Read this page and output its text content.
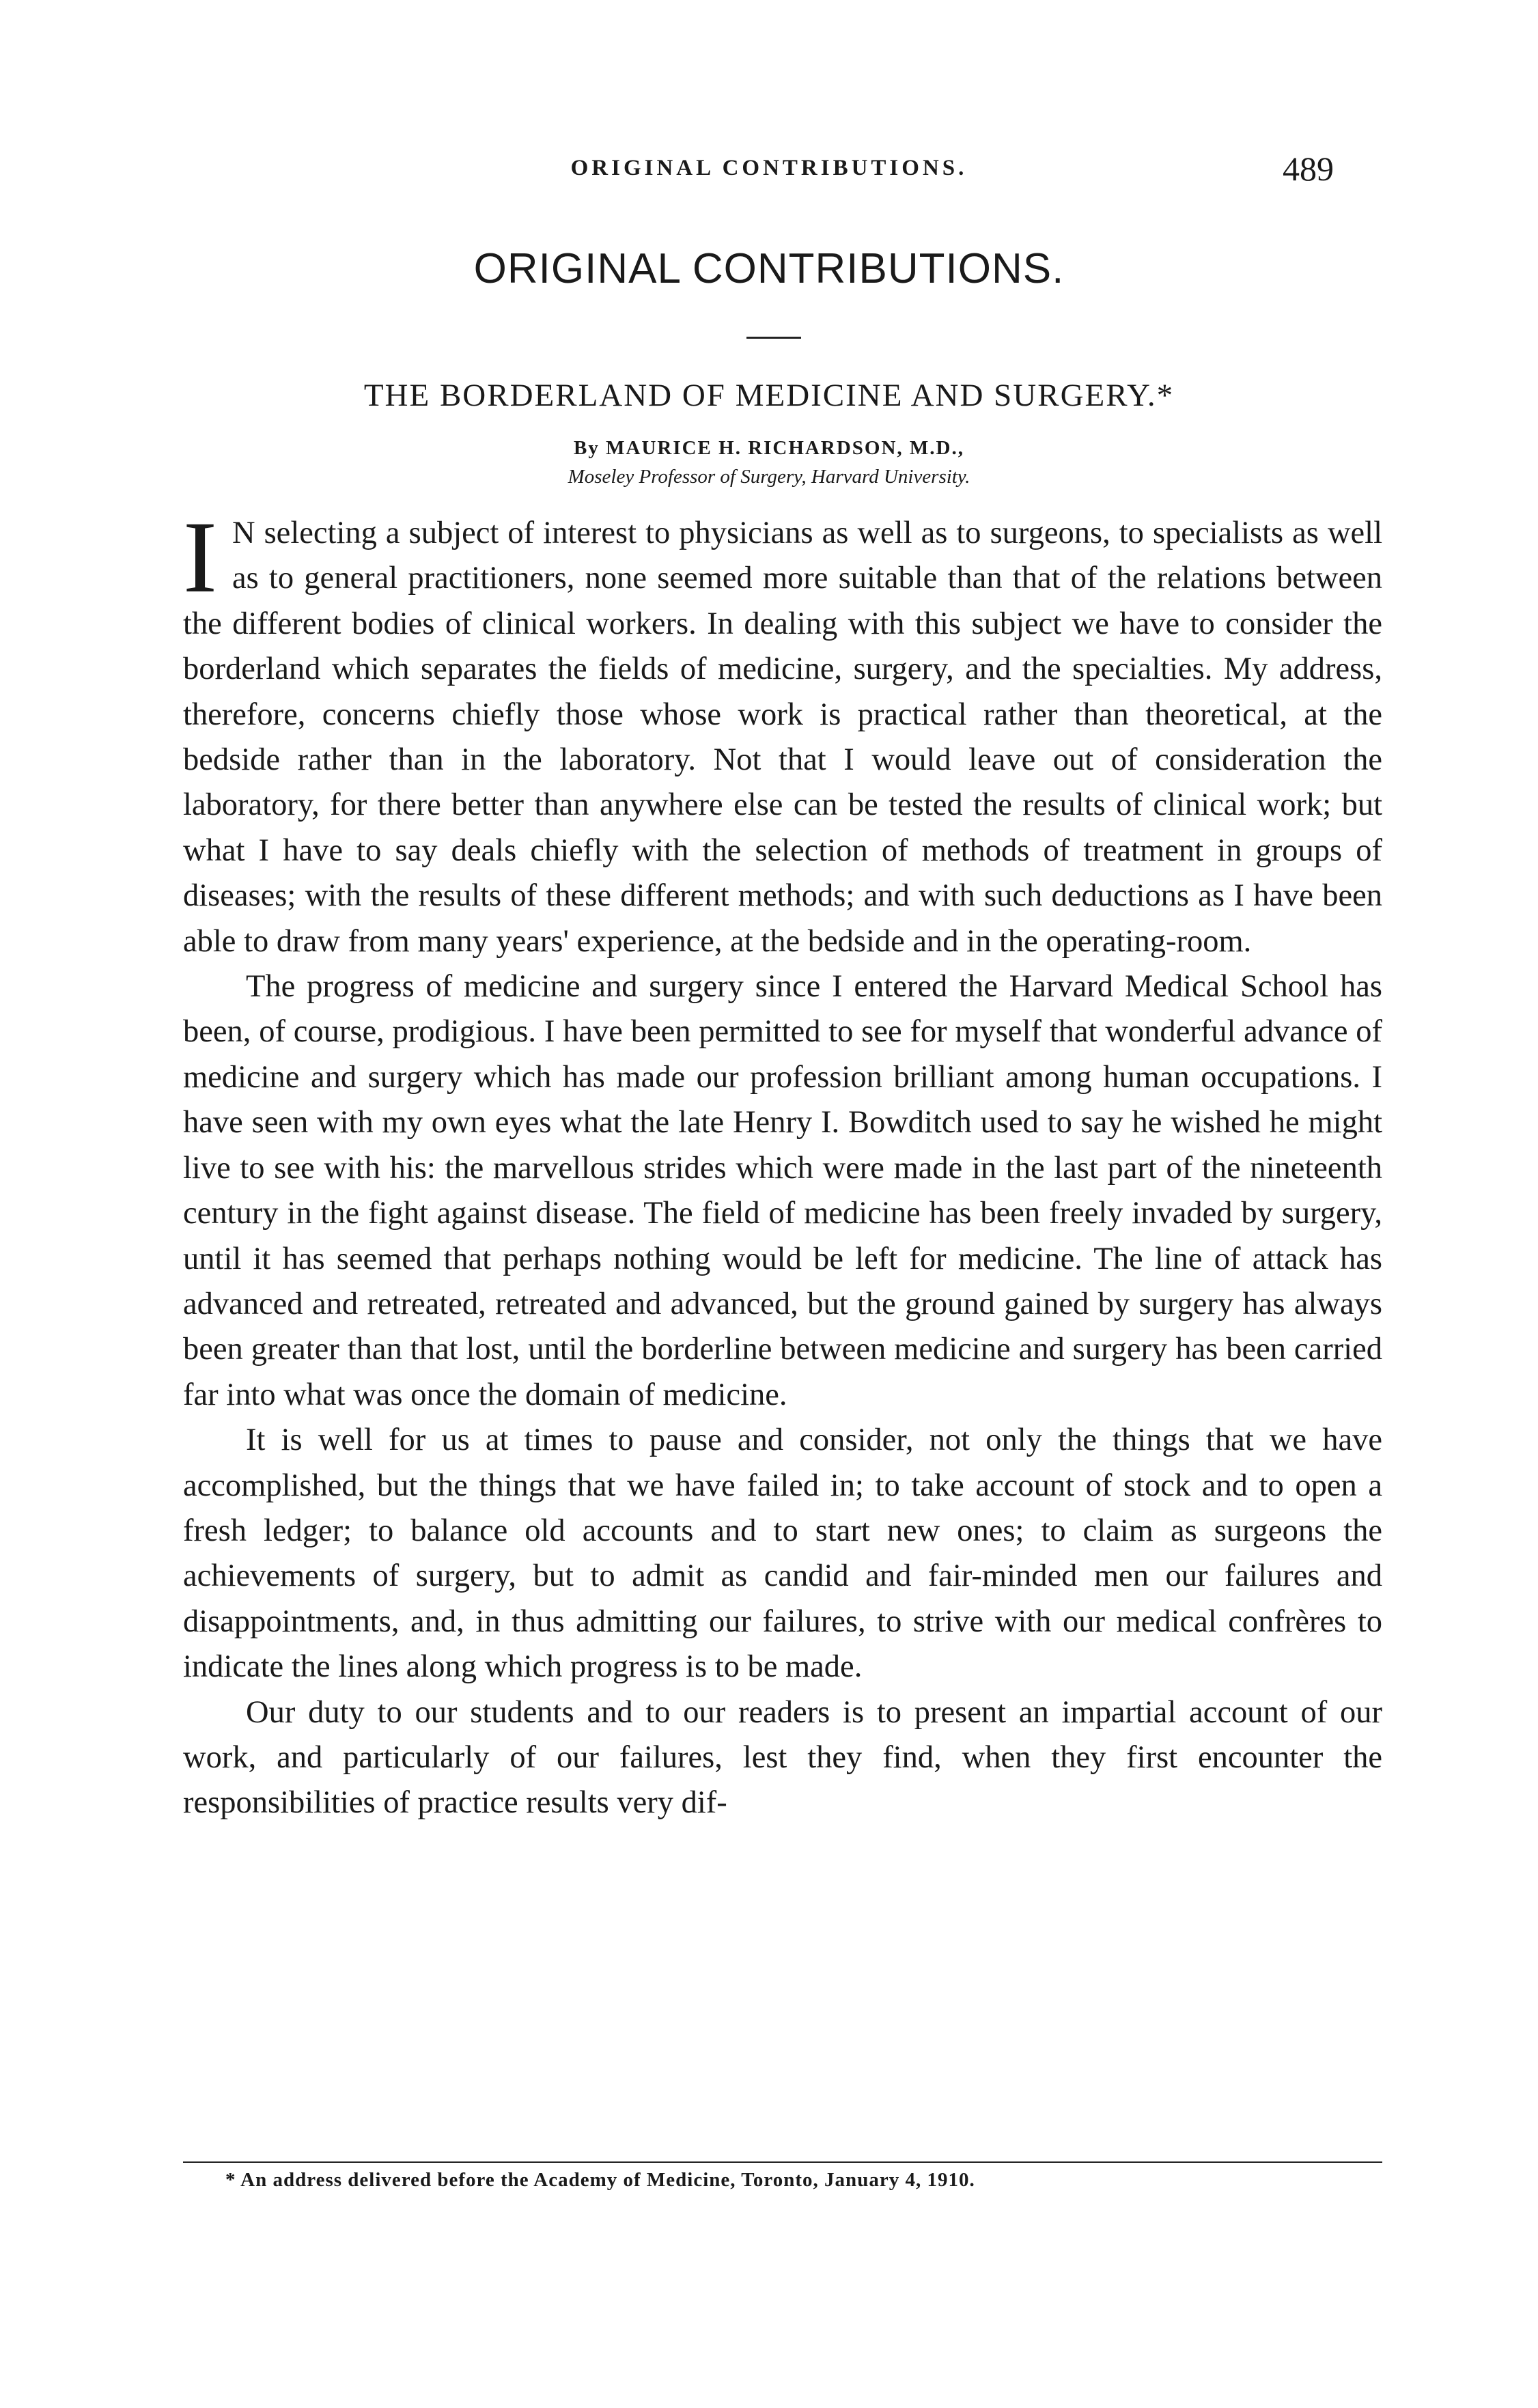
ORIGINAL CONTRIBUTIONS.	489
ORIGINAL CONTRIBUTIONS.
THE BORDERLAND OF MEDICINE AND SURGERY.*
By MAURICE H. RICHARDSON, M.D.,
Moseley Professor of Surgery, Harvard University.

I N selecting a subject of interest to physicians as well as to surgeons, to specialists as well as to general practitioners, none seemed more suitable than that of the relations between the different bodies of clinical workers. In dealing with this subject we have to consider the borderland which separates the fields of medicine, surgery, and the specialties. My address, therefore, concerns chiefly those whose work is practical rather than theoretical, at the bedside rather than in the laboratory. Not that I would leave out of consideration the laboratory, for there better than anywhere else can be tested the results of clinical work; but what I have to say deals chiefly with the selection of methods of treatment in groups of diseases; with the results of these different methods; and with such deductions as I have been able to draw from many years' experience, at the bedside and in the operating-room.

The progress of medicine and surgery since I entered the Harvard Medical School has been, of course, prodigious. I have been permitted to see for myself that wonderful advance of medicine and surgery which has made our profession brilliant among human occupations. I have seen with my own eyes what the late Henry I. Bowditch used to say he wished he might live to see with his: the marvellous strides which were made in the last part of the nineteenth century in the fight against disease. The field of medicine has been freely invaded by surgery, until it has seemed that perhaps nothing would be left for medicine. The line of attack has advanced and retreated, retreated and advanced, but the ground gained by surgery has always been greater than that lost, until the borderline between medicine and surgery has been carried far into what was once the domain of medicine.

It is well for us at times to pause and consider, not only the things that we have accomplished, but the things that we have failed in; to take account of stock and to open a fresh ledger; to balance old accounts and to start new ones; to claim as surgeons the achievements of surgery, but to admit as candid and fair-minded men our failures and disappointments, and, in thus admitting our failures, to strive with our medical confrères to indicate the lines along which progress is to be made.

Our duty to our students and to our readers is to present an impartial account of our work, and particularly of our failures, lest they find, when they first encounter the responsibilities of practice results very dif-

* An address delivered before the Academy of Medicine, Toronto, January 4, 1910.
